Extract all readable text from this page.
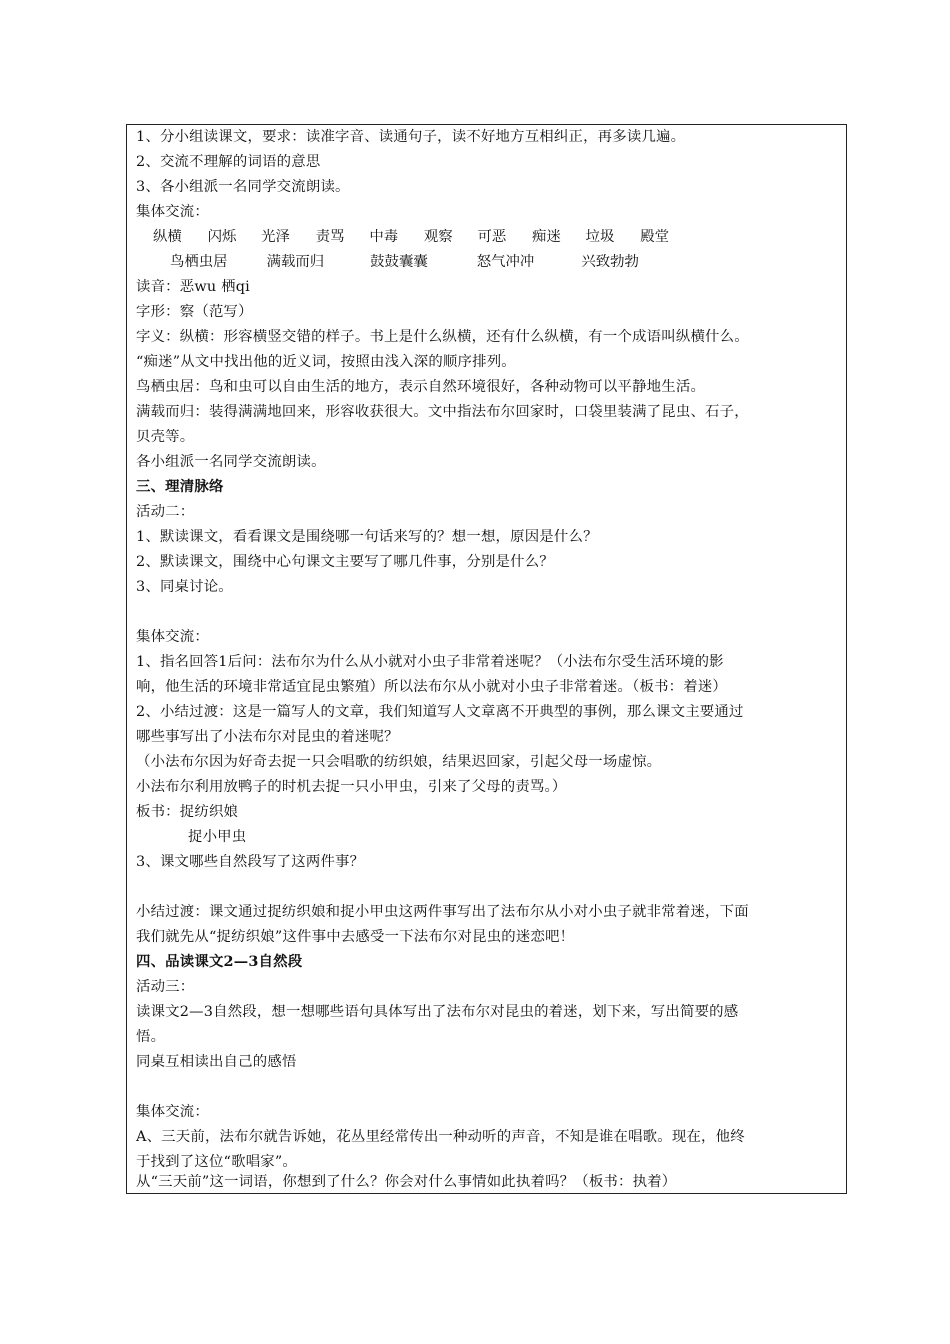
1、分小组读课文，要求：读准字音、读通句子，读不好地方互相纠正，再多读几遍。
2、交流不理解的词语的意思
3、各小组派一名同学交流朗读。
集体交流：
纵横 闪烁 光泽 责骂 中毒 观察 可恶 痴迷 垃圾 殿堂
鸟栖虫居	满载而归	鼓鼓囊囊	怒气冲冲	兴致勃勃
读音：恶wu 栖qi
字形：察（范写）
字义：纵横：形容横竖交错的样子。书上是什么纵横，还有什么纵横，有一个成语叫纵横什么。
“痴迷”从文中找出他的近义词，按照由浅入深的顺序排列。
鸟栖虫居：鸟和虫可以自由生活的地方，表示自然环境很好，各种动物可以平静地生活。
满载而归：装得满满地回来，形容收获很大。文中指法布尔回家时，口袋里装满了昆虫、石子，
贝壳等。
各小组派一名同学交流朗读。
三、理清脉络
活动二：
1、默读课文，看看课文是围绕哪一句话来写的？想一想，原因是什么？
2、默读课文，围绕中心句课文主要写了哪几件事，分别是什么？
3、同桌讨论。
集体交流：
1、指名回答1后问：法布尔为什么从小就对小虫子非常着迷呢？（小法布尔受生活环境的影
响，他生活的环境非常适宜昆虫繁殖）所以法布尔从小就对小虫子非常着迷。（板书：着迷）
2、小结过渡：这是一篇写人的文章，我们知道写人文章离不开典型的事例，那么课文主要通过
哪些事写出了小法布尔对昆虫的着迷呢？
（小法布尔因为好奇去捉一只会唱歌的纺织娘，结果迟回家，引起父母一场虚惊。
小法布尔利用放鸭子的时机去捉一只小甲虫，引来了父母的责骂。）
板书：捉纺织娘
捉小甲虫
3、课文哪些自然段写了这两件事？
小结过渡：课文通过捉纺织娘和捉小甲虫这两件事写出了法布尔从小对小虫子就非常着迷，下面
我们就先从“捉纺织娘”这件事中去感受一下法布尔对昆虫的迷恋吧！
四、品读课文2—3自然段
活动三：
读课文2—3自然段，想一想哪些语句具体写出了法布尔对昆虫的着迷，划下来，写出简要的感
悟。
同桌互相读出自己的感悟
集体交流：
A、三天前，法布尔就告诉她，花丛里经常传出一种动听的声音，不知是谁在唱歌。现在，他终
于找到了这位“歌唱家”。
从“三天前”这一词语，你想到了什么？你会对什么事情如此执着吗？（板书：执着）
